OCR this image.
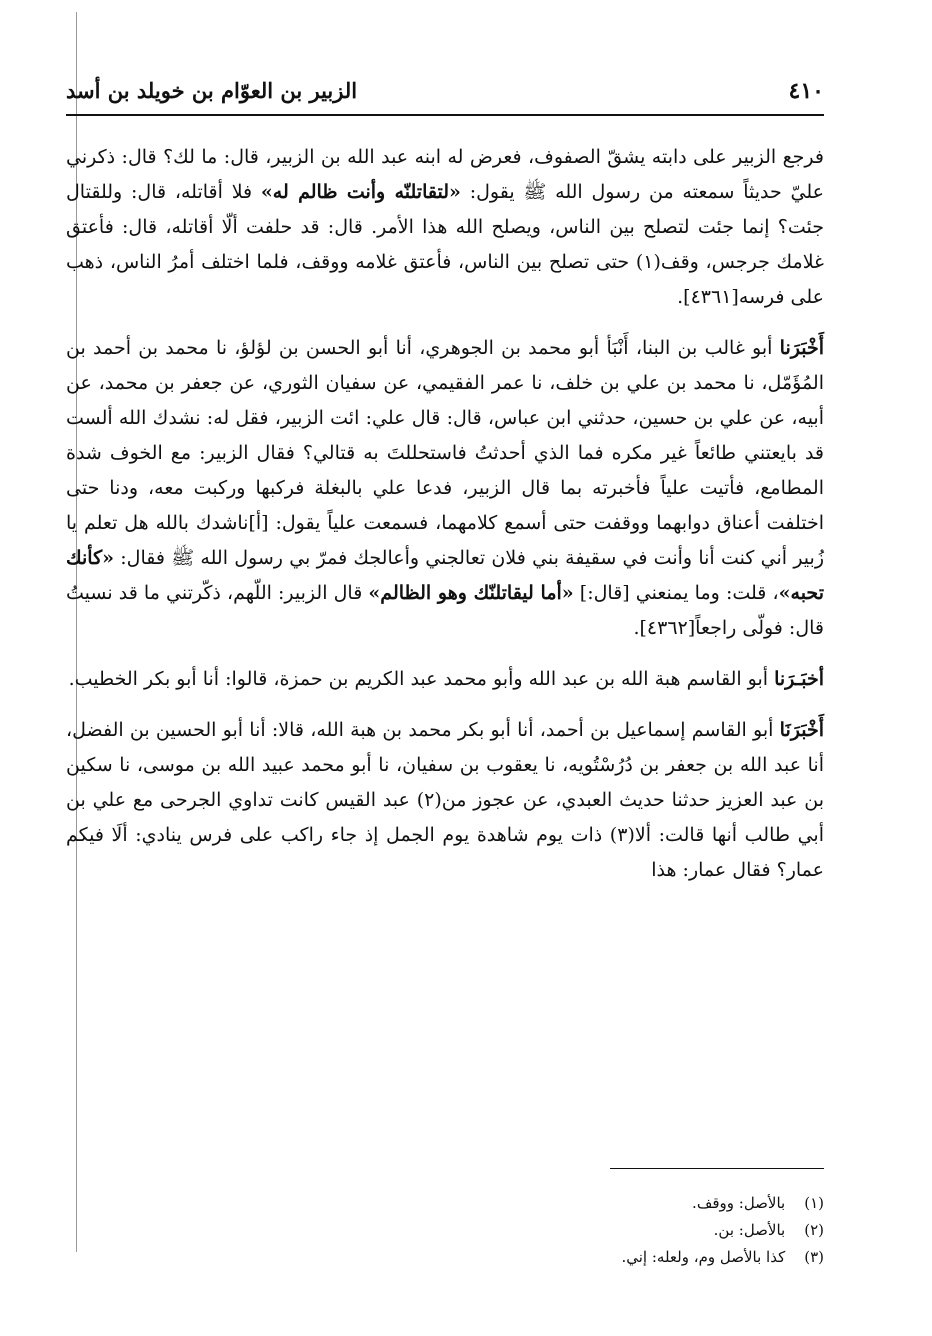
٤١٠
الزبير بن العوّام بن خويلد بن أسد

فرجع الزبير على دابته يشقّ الصفوف، فعرض له ابنه عبد الله بن الزبير، قال: ما لك؟ قال: ذكرني عليّ حديثاً سمعته من رسول الله ﷺ يقول: «لتقاتلنّه وأنت ظالم له» فلا أقاتله، قال: وللقتال جئت؟ إنما جئت لتصلح بين الناس، ويصلح الله هذا الأمر. قال: قد حلفت ألّا أقاتله، قال: فأعتق غلامك جرجس، وقف(١) حتى تصلح بين الناس، فأعتق غلامه ووقف، فلما اختلف أمرُ الناس، ذهب على فرسه[٤٣٦١].

أَخْبَرَنا أبو غالب بن البنا، أَنْبَأ أبو محمد بن الجوهري، أنا أبو الحسن بن لؤلؤ، نا محمد بن أحمد بن المُؤَمّل، نا محمد بن علي بن خلف، نا عمر الفقيمي، عن سفيان الثوري، عن جعفر بن محمد، عن أبيه، عن علي بن حسين، حدثني ابن عباس، قال: قال علي: ائت الزبير، فقل له: نشدك الله ألست قد بايعتني طائعاً غير مكره فما الذي أحدثتُ فاستحللتَ به قتالي؟ فقال الزبير: مع الخوف شدة المطامع، فأتيت علياً فأخبرته بما قال الزبير، فدعا علي بالبغلة فركبها وركبت معه، ودنا حتى اختلفت أعناق دوابهما ووقفت حتى أسمع كلامهما، فسمعت علياً يقول: [أ]ناشدك بالله هل تعلم يا زُبير أني كنت أنا وأنت في سقيفة بني فلان تعالجني وأعالجك فمرّ بي رسول الله ﷺ فقال: «كأنك تحبه»، قلت: وما يمنعني [قال:] «أما ليقاتلنّك وهو الظالم» قال الزبير: اللّهم، ذكّرتني ما قد نسيتُ قال: فولّى راجعاً[٤٣٦٢].

أخبَـرَنا أبو القاسم هبة الله بن عبد الله وأبو محمد عبد الكريم بن حمزة، قالوا: أنا أبو بكر الخطيب.

أَخْبَرَنَا أبو القاسم إسماعيل بن أحمد، أنا أبو بكر محمد بن هبة الله، قالا: أنا أبو الحسين بن الفضل، أنا عبد الله بن جعفر بن دُرُسْتُويه، نا يعقوب بن سفيان، نا أبو محمد عبيد الله بن موسى، نا سكين بن عبد العزيز حدثنا حديث العبدي، عن عجوز من(٢) عبد القيس كانت تداوي الجرحى مع علي بن أبي طالب أنها قالت: ألا(٣) ذات يوم شاهدة يوم الجمل إذ جاء راكب على فرس ينادي: ألَا فيكم عمار؟ فقال عمار: هذا

(١) بالأصل: ووقف.

(٢) بالأصل: بن.

(٣) كذا بالأصل وم، ولعله: إني.
